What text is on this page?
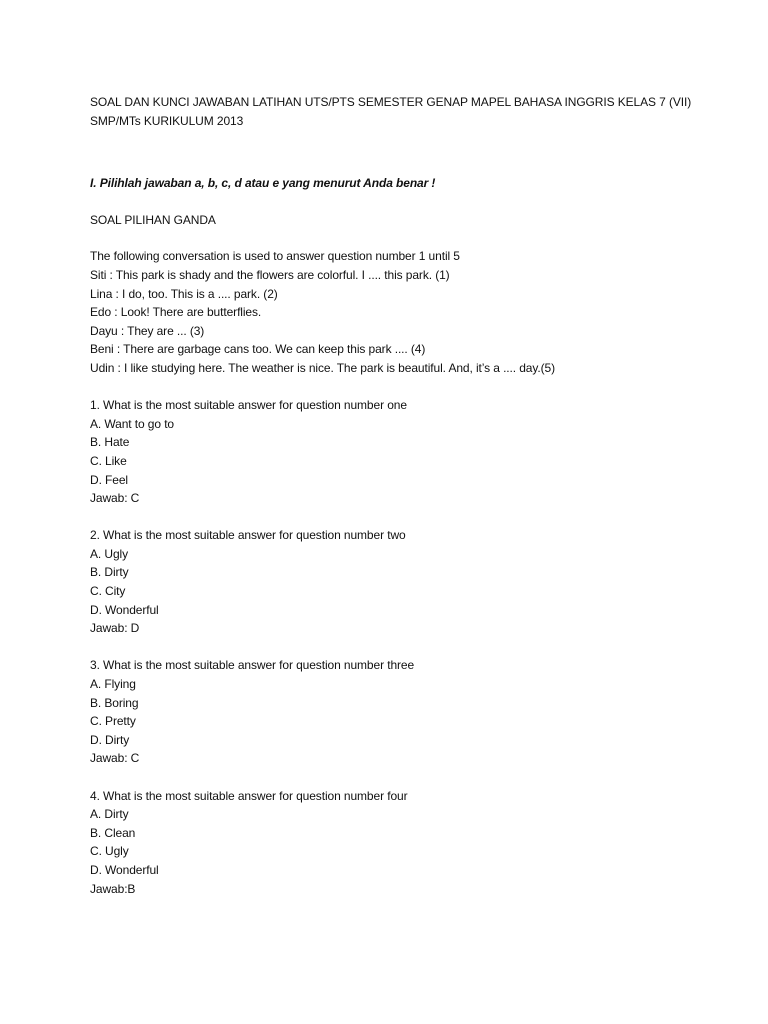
SOAL DAN KUNCI JAWABAN LATIHAN UTS/PTS SEMESTER GENAP MAPEL BAHASA INGGRIS KELAS 7 (VII)
SMP/MTs KURIKULUM 2013

I. Pilihlah jawaban a, b, c, d atau e yang menurut Anda benar !

SOAL PILIHAN GANDA

The following conversation is used to answer question number 1 until 5
Siti : This park is shady and the flowers are colorful. I .... this park. (1)
Lina : I do, too. This is a .... park. (2)
Edo : Look! There are butterflies.
Dayu : They are ... (3)
Beni : There are garbage cans too. We can keep this park .... (4)
Udin : I like studying here. The weather is nice. The park is beautiful. And, it’s a .... day.(5)

1. What is the most suitable answer for question number one
A. Want to go to
B. Hate
C. Like
D. Feel
Jawab: C
2. What is the most suitable answer for question number two
A. Ugly
B. Dirty
C. City
D. Wonderful
Jawab: D
3. What is the most suitable answer for question number three
A. Flying
B. Boring
C. Pretty
D. Dirty
Jawab: C
4. What is the most suitable answer for question number four
A. Dirty
B. Clean
C. Ugly
D. Wonderful
Jawab:B
